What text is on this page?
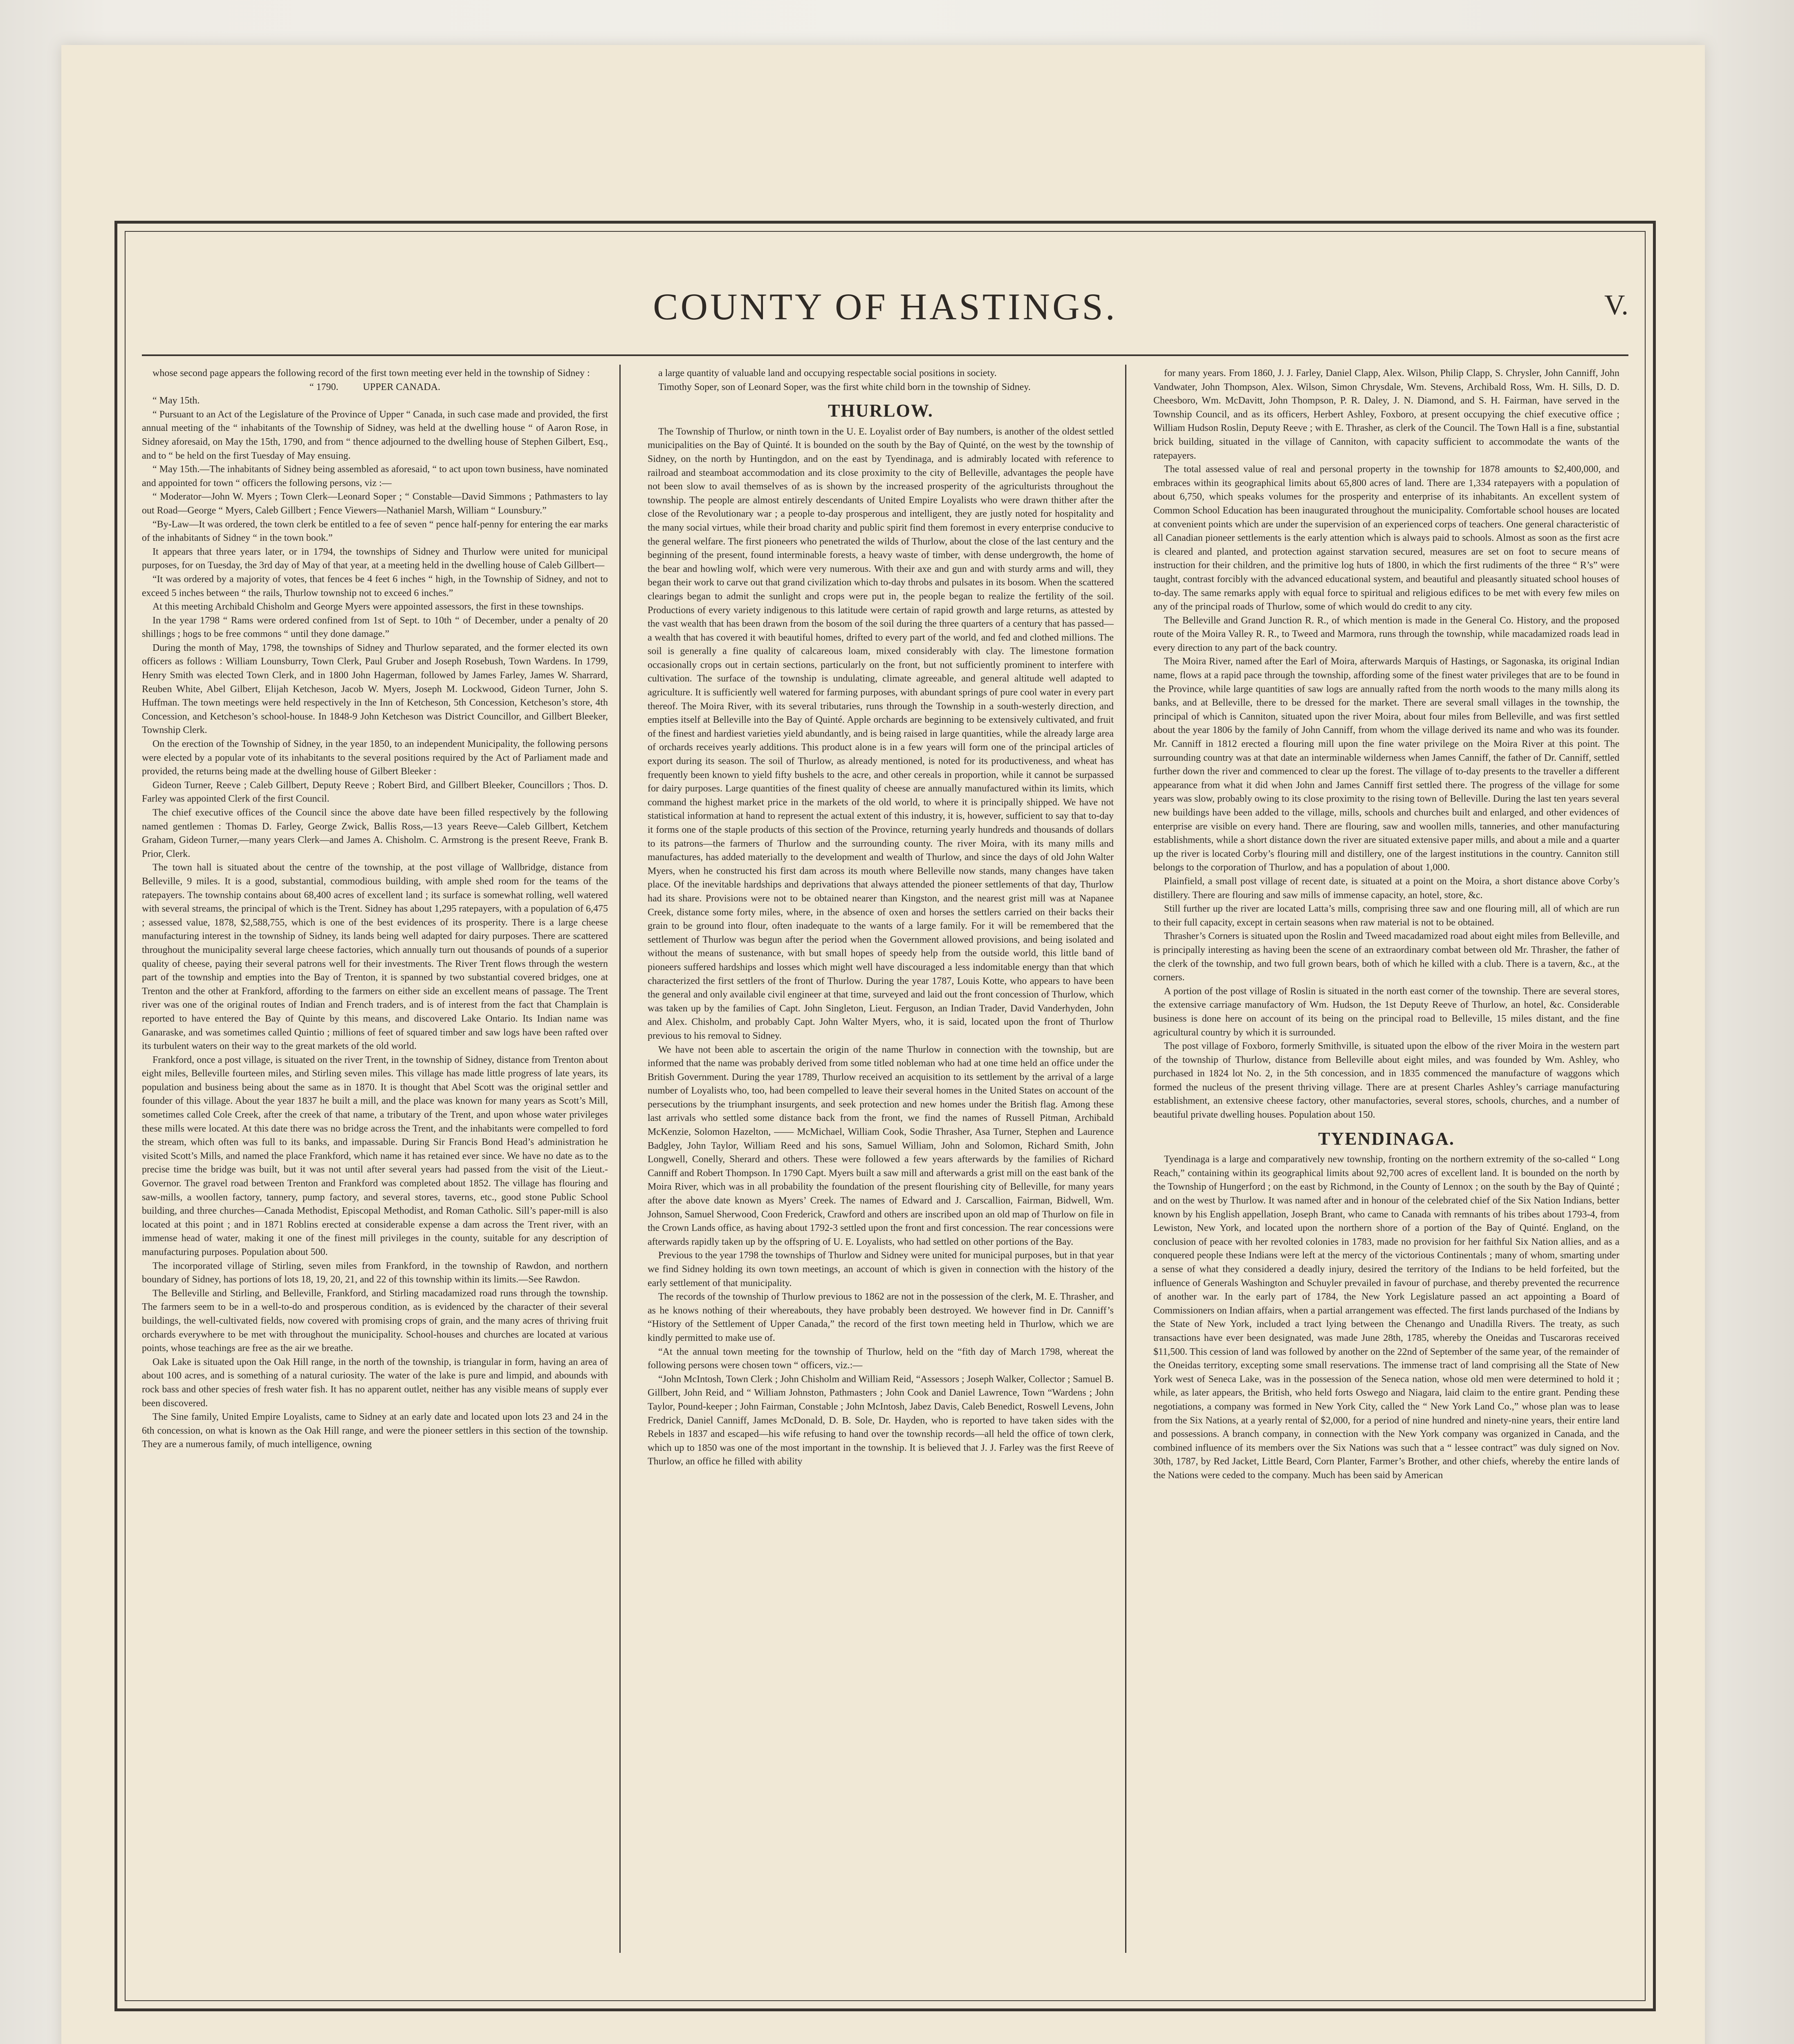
COUNTY OF HASTINGS.	V.

whose second page appears the following record of the first town meeting ever held in the township of Sidney :

“ 1790.    UPPER CANADA.

“ May 15th.

“ Pursuant to an Act of the Legislature of the Province of Upper “ Canada, in such case made and provided, the first annual meeting of the “ inhabitants of the Township of Sidney, was held at the dwelling house “ of Aaron Rose, in Sidney aforesaid, on May the 15th, 1790, and from “ thence adjourned to the dwelling house of Stephen Gilbert, Esq., and to “ be held on the first Tuesday of May ensuing.

“ May 15th.—The inhabitants of Sidney being assembled as aforesaid, “ to act upon town business, have nominated and appointed for town “ officers the following persons, viz :—

“ Moderator—John W. Myers ; Town Clerk—Leonard Soper ; “ Constable—David Simmons ; Pathmasters to lay out Road—George “ Myers, Caleb Gillbert ; Fence Viewers—Nathaniel Marsh, William “ Lounsbury.”

“By-Law—It was ordered, the town clerk be entitled to a fee of seven “ pence half-penny for entering the ear marks of the inhabitants of Sidney “ in the town book.”

It appears that three years later, or in 1794, the townships of Sidney and Thurlow were united for municipal purposes, for on Tuesday, the 3rd day of May of that year, at a meeting held in the dwelling house of Caleb Gillbert—

“It was ordered by a majority of votes, that fences be 4 feet 6 inches “ high, in the Township of Sidney, and not to exceed 5 inches between “ the rails, Thurlow township not to exceed 6 inches.”

At this meeting Archibald Chisholm and George Myers were appointed assessors, the first in these townships.

In the year 1798 “ Rams were ordered confined from 1st of Sept. to 10th “ of December, under a penalty of 20 shillings ; hogs to be free commons “ until they done damage.”

During the month of May, 1798, the townships of Sidney and Thurlow separated, and the former elected its own officers as follows : William Lounsburry, Town Clerk, Paul Gruber and Joseph Rosebush, Town Wardens. In 1799, Henry Smith was elected Town Clerk, and in 1800 John Hagerman, followed by James Farley, James W. Sharrard, Reuben White, Abel Gilbert, Elijah Ketcheson, Jacob W. Myers, Joseph M. Lockwood, Gideon Turner, John S. Huffman. The town meetings were held respectively in the Inn of Ketcheson, 5th Concession, Ketcheson’s store, 4th Concession, and Ketcheson’s school-house. In 1848-9 John Ketcheson was District Councillor, and Gillbert Bleeker, Township Clerk.

On the erection of the Township of Sidney, in the year 1850, to an independent Municipality, the following persons were elected by a popular vote of its inhabitants to the several positions required by the Act of Parliament made and provided, the returns being made at the dwelling house of Gilbert Bleeker :

Gideon Turner, Reeve ; Caleb Gillbert, Deputy Reeve ; Robert Bird, and Gillbert Bleeker, Councillors ; Thos. D. Farley was appointed Clerk of the first Council.

The chief executive offices of the Council since the above date have been filled respectively by the following named gentlemen : Thomas D. Farley, George Zwick, Ballis Ross,—13 years Reeve—Caleb Gillbert, Ketchem Graham, Gideon Turner,—many years Clerk—and James A. Chisholm. C. Armstrong is the present Reeve, Frank B. Prior, Clerk.

The town hall is situated about the centre of the township, at the post village of Wallbridge, distance from Belleville, 9 miles. It is a good, substantial, commodious building, with ample shed room for the teams of the ratepayers. The township contains about 68,400 acres of excellent land ; its surface is somewhat rolling, well watered with several streams, the principal of which is the Trent. Sidney has about 1,295 ratepayers, with a population of 6,475 ; assessed value, 1878, $2,588,755, which is one of the best evidences of its prosperity. There is a large cheese manufacturing interest in the township of Sidney, its lands being well adapted for dairy purposes. There are scattered throughout the municipality several large cheese factories, which annually turn out thousands of pounds of a superior quality of cheese, paying their several patrons well for their investments. The River Trent flows through the western part of the township and empties into the Bay of Trenton, it is spanned by two substantial covered bridges, one at Trenton and the other at Frankford, affording to the farmers on either side an excellent means of passage. The Trent river was one of the original routes of Indian and French traders, and is of interest from the fact that Champlain is reported to have entered the Bay of Quinte by this means, and discovered Lake Ontario. Its Indian name was Ganaraske, and was sometimes called Quintio ; millions of feet of squared timber and saw logs have been rafted over its turbulent waters on their way to the great markets of the old world.

Frankford, once a post village, is situated on the river Trent, in the township of Sidney, distance from Trenton about eight miles, Belleville fourteen miles, and Stirling seven miles. This village has made little progress of late years, its population and business being about the same as in 1870. It is thought that Abel Scott was the original settler and founder of this village. About the year 1837 he built a mill, and the place was known for many years as Scott’s Mill, sometimes called Cole Creek, after the creek of that name, a tributary of the Trent, and upon whose water privileges these mills were located. At this date there was no bridge across the Trent, and the inhabitants were compelled to ford the stream, which often was full to its banks, and impassable. During Sir Francis Bond Head’s administration he visited Scott’s Mills, and named the place Frankford, which name it has retained ever since. We have no date as to the precise time the bridge was built, but it was not until after several years had passed from the visit of the Lieut.-Governor. The gravel road between Trenton and Frankford was completed about 1852. The village has flouring and saw-mills, a woollen factory, tannery, pump factory, and several stores, taverns, etc., good stone Public School building, and three churches—Canada Methodist, Episcopal Methodist, and Roman Catholic. Sill’s paper-mill is also located at this point ; and in 1871 Roblins erected at considerable expense a dam across the Trent river, with an immense head of water, making it one of the finest mill privileges in the county, suitable for any description of manufacturing purposes. Population about 500.

The incorporated village of Stirling, seven miles from Frankford, in the township of Rawdon, and northern boundary of Sidney, has portions of lots 18, 19, 20, 21, and 22 of this township within its limits.—See Rawdon.

The Belleville and Stirling, and Belleville, Frankford, and Stirling macadamized road runs through the township. The farmers seem to be in a well-to-do and prosperous condition, as is evidenced by the character of their several buildings, the well-cultivated fields, now covered with promising crops of grain, and the many acres of thriving fruit orchards everywhere to be met with throughout the municipality. School-houses and churches are located at various points, whose teachings are free as the air we breathe.

Oak Lake is situated upon the Oak Hill range, in the north of the township, is triangular in form, having an area of about 100 acres, and is something of a natural curiosity. The water of the lake is pure and limpid, and abounds with rock bass and other species of fresh water fish. It has no apparent outlet, neither has any visible means of supply ever been discovered.

The Sine family, United Empire Loyalists, came to Sidney at an early date and located upon lots 23 and 24 in the 6th concession, on what is known as the Oak Hill range, and were the pioneer settlers in this section of the township. They are a numerous family, of much intelligence, owning

a large quantity of valuable land and occupying respectable social positions in society.

Timothy Soper, son of Leonard Soper, was the first white child born in the township of Sidney.

THURLOW.

The Township of Thurlow, or ninth town in the U. E. Loyalist order of Bay numbers, is another of the oldest settled municipalities on the Bay of Quinté. It is bounded on the south by the Bay of Quinté, on the west by the township of Sidney, on the north by Huntingdon, and on the east by Tyendinaga, and is admirably located with reference to railroad and steamboat accommodation and its close proximity to the city of Belleville, advantages the people have not been slow to avail themselves of as is shown by the increased prosperity of the agriculturists throughout the township. The people are almost entirely descendants of United Empire Loyalists who were drawn thither after the close of the Revolutionary war ; a people to-day prosperous and intelligent, they are justly noted for hospitality and the many social virtues, while their broad charity and public spirit find them foremost in every enterprise conducive to the general welfare. The first pioneers who penetrated the wilds of Thurlow, about the close of the last century and the beginning of the present, found interminable forests, a heavy waste of timber, with dense undergrowth, the home of the bear and howling wolf, which were very numerous. With their axe and gun and with sturdy arms and will, they began their work to carve out that grand civilization which to-day throbs and pulsates in its bosom. When the scattered clearings began to admit the sunlight and crops were put in, the people began to realize the fertility of the soil. Productions of every variety indigenous to this latitude were certain of rapid growth and large returns, as attested by the vast wealth that has been drawn from the bosom of the soil during the three quarters of a century that has passed—a wealth that has covered it with beautiful homes, drifted to every part of the world, and fed and clothed millions. The soil is generally a fine quality of calcareous loam, mixed considerably with clay. The limestone formation occasionally crops out in certain sections, particularly on the front, but not sufficiently prominent to interfere with cultivation. The surface of the township is undulating, climate agreeable, and general altitude well adapted to agriculture. It is sufficiently well watered for farming purposes, with abundant springs of pure cool water in every part thereof. The Moira River, with its several tributaries, runs through the Township in a south-westerly direction, and empties itself at Belleville into the Bay of Quinté. Apple orchards are beginning to be extensively cultivated, and fruit of the finest and hardiest varieties yield abundantly, and is being raised in large quantities, while the already large area of orchards receives yearly additions. This product alone is in a few years will form one of the principal articles of export during its season. The soil of Thurlow, as already mentioned, is noted for its productiveness, and wheat has frequently been known to yield fifty bushels to the acre, and other cereals in proportion, while it cannot be surpassed for dairy purposes. Large quantities of the finest quality of cheese are annually manufactured within its limits, which command the highest market price in the markets of the old world, to where it is principally shipped. We have not statistical information at hand to represent the actual extent of this industry, it is, however, sufficient to say that to-day it forms one of the staple products of this section of the Province, returning yearly hundreds and thousands of dollars to its patrons—the farmers of Thurlow and the surrounding county. The river Moira, with its many mills and manufactures, has added materially to the development and wealth of Thurlow, and since the days of old John Walter Myers, when he constructed his first dam across its mouth where Belleville now stands, many changes have taken place. Of the inevitable hardships and deprivations that always attended the pioneer settlements of that day, Thurlow had its share. Provisions were not to be obtained nearer than Kingston, and the nearest grist mill was at Napanee Creek, distance some forty miles, where, in the absence of oxen and horses the settlers carried on their backs their grain to be ground into flour, often inadequate to the wants of a large family. For it will be remembered that the settlement of Thurlow was begun after the period when the Government allowed provisions, and being isolated and without the means of sustenance, with but small hopes of speedy help from the outside world, this little band of pioneers suffered hardships and losses which might well have discouraged a less indomitable energy than that which characterized the first settlers of the front of Thurlow. During the year 1787, Louis Kotte, who appears to have been the general and only available civil engineer at that time, surveyed and laid out the front concession of Thurlow, which was taken up by the families of Capt. John Singleton, Lieut. Ferguson, an Indian Trader, David Vanderhyden, John and Alex. Chisholm, and probably Capt. John Walter Myers, who, it is said, located upon the front of Thurlow previous to his removal to Sidney.

We have not been able to ascertain the origin of the name Thurlow in connection with the township, but are informed that the name was probably derived from some titled nobleman who had at one time held an office under the British Government. During the year 1789, Thurlow received an acquisition to its settlement by the arrival of a large number of Loyalists who, too, had been compelled to leave their several homes in the United States on account of the persecutions by the triumphant insurgents, and seek protection and new homes under the British flag. Among these last arrivals who settled some distance back from the front, we find the names of Russell Pitman, Archibald McKenzie, Solomon Hazelton, —— McMichael, William Cook, Sodie Thrasher, Asa Turner, Stephen and Laurence Badgley, John Taylor, William Reed and his sons, Samuel William, John and Solomon, Richard Smith, John Longwell, Conelly, Sherard and others. These were followed a few years afterwards by the families of Richard Canniff and Robert Thompson. In 1790 Capt. Myers built a saw mill and afterwards a grist mill on the east bank of the Moira River, which was in all probability the foundation of the present flourishing city of Belleville, for many years after the above date known as Myers’ Creek. The names of Edward and J. Carscallion, Fairman, Bidwell, Wm. Johnson, Samuel Sherwood, Coon Frederick, Crawford and others are inscribed upon an old map of Thurlow on file in the Crown Lands office, as having about 1792-3 settled upon the front and first concession. The rear concessions were afterwards rapidly taken up by the offspring of U. E. Loyalists, who had settled on other portions of the Bay.

Previous to the year 1798 the townships of Thurlow and Sidney were united for municipal purposes, but in that year we find Sidney holding its own town meetings, an account of which is given in connection with the history of the early settlement of that municipality.

The records of the township of Thurlow previous to 1862 are not in the possession of the clerk, M. E. Thrasher, and as he knows nothing of their whereabouts, they have probably been destroyed. We however find in Dr. Canniff’s “History of the Settlement of Upper Canada,” the record of the first town meeting held in Thurlow, which we are kindly permitted to make use of.

“At the annual town meeting for the township of Thurlow, held on the “fith day of March 1798, whereat the following persons were chosen town “ officers, viz.:—

“John McIntosh, Town Clerk ; John Chisholm and William Reid, “Assessors ; Joseph Walker, Collector ; Samuel B. Gillbert, John Reid, and “ William Johnston, Pathmasters ; John Cook and Daniel Lawrence, Town “Wardens ; John Taylor, Pound-keeper ; John Fairman, Constable ; John McIntosh, Jabez Davis, Caleb Benedict, Roswell Levens, John Fredrick, Daniel Canniff, James McDonald, D. B. Sole, Dr. Hayden, who is reported to have taken sides with the Rebels in 1837 and escaped—his wife refusing to hand over the township records—all held the office of town clerk, which up to 1850 was one of the most important in the township. It is believed that J. J. Farley was the first Reeve of Thurlow, an office he filled with ability

for many years. From 1860, J. J. Farley, Daniel Clapp, Alex. Wilson, Philip Clapp, S. Chrysler, John Canniff, John Vandwater, John Thompson, Alex. Wilson, Simon Chrysdale, Wm. Stevens, Archibald Ross, Wm. H. Sills, D. D. Cheesboro, Wm. McDavitt, John Thompson, P. R. Daley, J. N. Diamond, and S. H. Fairman, have served in the Township Council, and as its officers, Herbert Ashley, Foxboro, at present occupying the chief executive office ; William Hudson Roslin, Deputy Reeve ; with E. Thrasher, as clerk of the Council. The Town Hall is a fine, substantial brick building, situated in the village of Canniton, with capacity sufficient to accommodate the wants of the ratepayers.

The total assessed value of real and personal property in the township for 1878 amounts to $2,400,000, and embraces within its geographical limits about 65,800 acres of land. There are 1,334 ratepayers with a population of about 6,750, which speaks volumes for the prosperity and enterprise of its inhabitants. An excellent system of Common School Education has been inaugurated throughout the municipality. Comfortable school houses are located at convenient points which are under the supervision of an experienced corps of teachers. One general characteristic of all Canadian pioneer settlements is the early attention which is always paid to schools. Almost as soon as the first acre is cleared and planted, and protection against starvation secured, measures are set on foot to secure means of instruction for their children, and the primitive log huts of 1800, in which the first rudiments of the three “ R’s” were taught, contrast forcibly with the advanced educational system, and beautiful and pleasantly situated school houses of to-day. The same remarks apply with equal force to spiritual and religious edifices to be met with every few miles on any of the principal roads of Thurlow, some of which would do credit to any city.

The Belleville and Grand Junction R. R., of which mention is made in the General Co. History, and the proposed route of the Moira Valley R. R., to Tweed and Marmora, runs through the township, while macadamized roads lead in every direction to any part of the back country.

The Moira River, named after the Earl of Moira, afterwards Marquis of Hastings, or Sagonaska, its original Indian name, flows at a rapid pace through the township, affording some of the finest water privileges that are to be found in the Province, while large quantities of saw logs are annually rafted from the north woods to the many mills along its banks, and at Belleville, there to be dressed for the market. There are several small villages in the township, the principal of which is Canniton, situated upon the river Moira, about four miles from Belleville, and was first settled about the year 1806 by the family of John Canniff, from whom the village derived its name and who was its founder. Mr. Canniff in 1812 erected a flouring mill upon the fine water privilege on the Moira River at this point. The surrounding country was at that date an interminable wilderness when James Canniff, the father of Dr. Canniff, settled further down the river and commenced to clear up the forest. The village of to-day presents to the traveller a different appearance from what it did when John and James Canniff first settled there. The progress of the village for some years was slow, probably owing to its close proximity to the rising town of Belleville. During the last ten years several new buildings have been added to the village, mills, schools and churches built and enlarged, and other evidences of enterprise are visible on every hand. There are flouring, saw and woollen mills, tanneries, and other manufacturing establishments, while a short distance down the river are situated extensive paper mills, and about a mile and a quarter up the river is located Corby’s flouring mill and distillery, one of the largest institutions in the country. Canniton still belongs to the corporation of Thurlow, and has a population of about 1,000.

Plainfield, a small post village of recent date, is situated at a point on the Moira, a short distance above Corby’s distillery. There are flouring and saw mills of immense capacity, an hotel, store, &c.

Still further up the river are located Latta’s mills, comprising three saw and one flouring mill, all of which are run to their full capacity, except in certain seasons when raw material is not to be obtained.

Thrasher’s Corners is situated upon the Roslin and Tweed macadamized road about eight miles from Belleville, and is principally interesting as having been the scene of an extraordinary combat between old Mr. Thrasher, the father of the clerk of the township, and two full grown bears, both of which he killed with a club. There is a tavern, &c., at the corners.

A portion of the post village of Roslin is situated in the north east corner of the township. There are several stores, the extensive carriage manufactory of Wm. Hudson, the 1st Deputy Reeve of Thurlow, an hotel, &c. Considerable business is done here on account of its being on the principal road to Belleville, 15 miles distant, and the fine agricultural country by which it is surrounded.

The post village of Foxboro, formerly Smithville, is situated upon the elbow of the river Moira in the western part of the township of Thurlow, distance from Belleville about eight miles, and was founded by Wm. Ashley, who purchased in 1824 lot No. 2, in the 5th concession, and in 1835 commenced the manufacture of waggons which formed the nucleus of the present thriving village. There are at present Charles Ashley’s carriage manufacturing establishment, an extensive cheese factory, other manufactories, several stores, schools, churches, and a number of beautiful private dwelling houses. Population about 150.

TYENDINAGA.

Tyendinaga is a large and comparatively new township, fronting on the northern extremity of the so-called “ Long Reach,” containing within its geographical limits about 92,700 acres of excellent land. It is bounded on the north by the Township of Hungerford ; on the east by Richmond, in the County of Lennox ; on the south by the Bay of Quinté ; and on the west by Thurlow. It was named after and in honour of the celebrated chief of the Six Nation Indians, better known by his English appellation, Joseph Brant, who came to Canada with remnants of his tribes about 1793-4, from Lewiston, New York, and located upon the northern shore of a portion of the Bay of Quinté. England, on the conclusion of peace with her revolted colonies in 1783, made no provision for her faithful Six Nation allies, and as a conquered people these Indians were left at the mercy of the victorious Continentals ; many of whom, smarting under a sense of what they considered a deadly injury, desired the territory of the Indians to be held forfeited, but the influence of Generals Washington and Schuyler prevailed in favour of purchase, and thereby prevented the recurrence of another war. In the early part of 1784, the New York Legislature passed an act appointing a Board of Commissioners on Indian affairs, when a partial arrangement was effected. The first lands purchased of the Indians by the State of New York, included a tract lying between the Chenango and Unadilla Rivers. The treaty, as such transactions have ever been designated, was made June 28th, 1785, whereby the Oneidas and Tuscaroras received $11,500. This cession of land was followed by another on the 22nd of September of the same year, of the remainder of the Oneidas territory, excepting some small reservations. The immense tract of land comprising all the State of New York west of Seneca Lake, was in the possession of the Seneca nation, whose old men were determined to hold it ; while, as later appears, the British, who held forts Oswego and Niagara, laid claim to the entire grant. Pending these negotiations, a company was formed in New York City, called the “ New York Land Co.,” whose plan was to lease from the Six Nations, at a yearly rental of $2,000, for a period of nine hundred and ninety-nine years, their entire land and possessions. A branch company, in connection with the New York company was organized in Canada, and the combined influence of its members over the Six Nations was such that a “ lessee contract” was duly signed on Nov. 30th, 1787, by Red Jacket, Little Beard, Corn Planter, Farmer’s Brother, and other chiefs, whereby the entire lands of the Nations were ceded to the company. Much has been said by American
